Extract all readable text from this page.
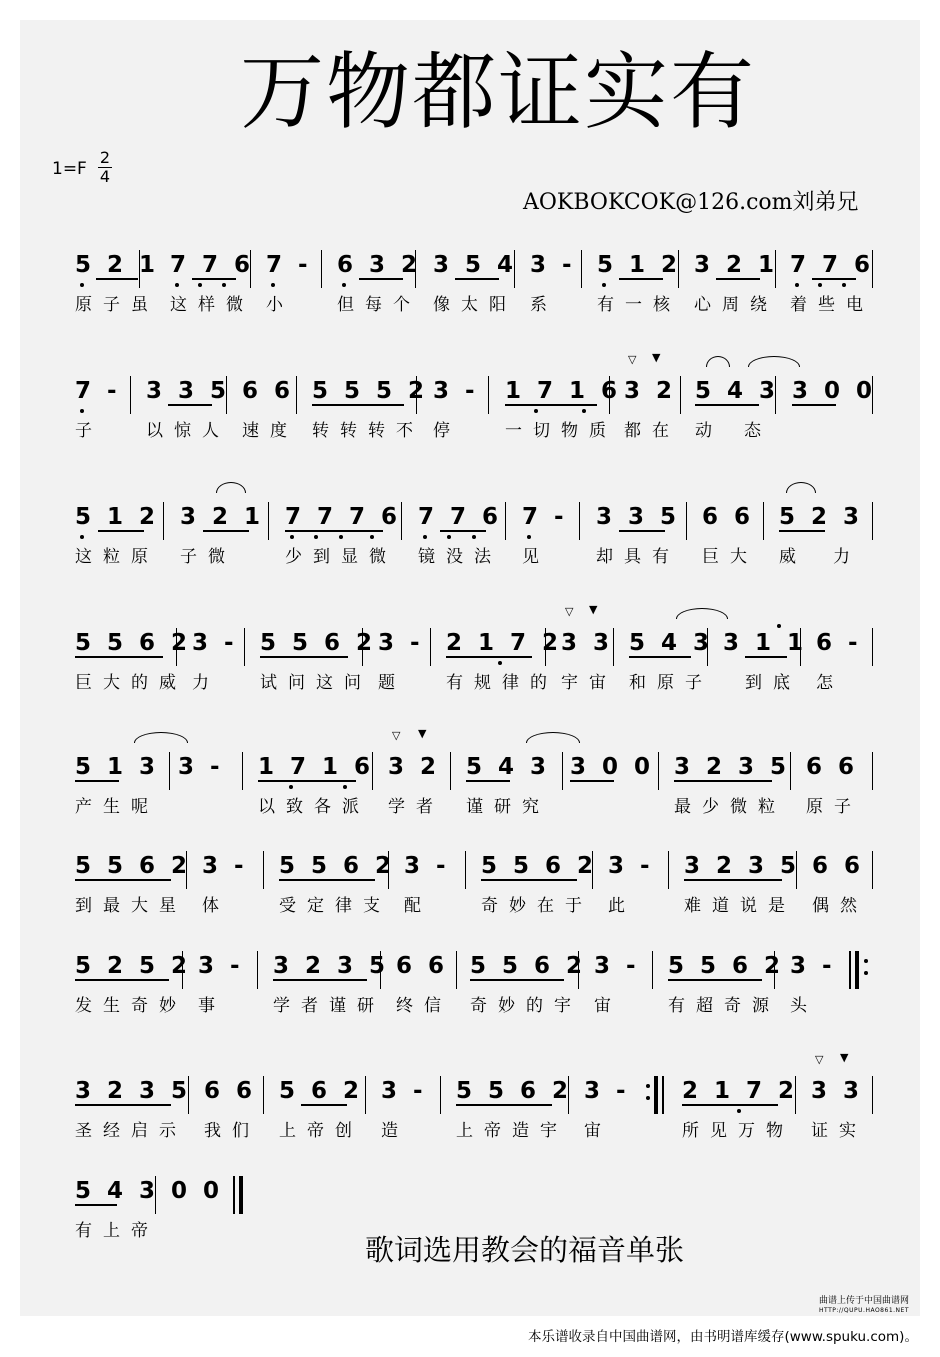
万物都证实有
1=F
2
4
AOKBOKCOK@126.com刘弟兄
5 2 1 7 7 6 7 - 6 3 2 3 5 4 3 - 5 1 2 3 2 1 7 7 6
原子虽 这样微 小	但每个 像太阳 系 有一核 心周绕 着些电
7 - 3 3 5 6 6 5 5 5 2 3 - 1 7 1 6 3 2 5 4 3 3 0 0
▽ ▼
子	以惊人 速度 转转转不 停	一切物质 都在 动 态
5 1 2 3 2 1 7 7 7 6 7 7 6 7 - 3 3 5 6 6 5 2 3
这粒原 子微	少到显微 镜没法 见	却具有 巨大 威 力
5 5 6 2 3 - 5 5 6 2 3 - 2 1 7 2
3 3 5 4 3 3 1 1 6 -
▽ ▼
巨大的威 力 试问这问 题 有规律的 宇宙 和原子 到底 怎
5 1 3 3 - 1 7 1 6 3 2 5 4 3 3 0 0 3 2 3 5 6 6
▽ ▼
产生呢	以致各派 学者 谨研究	最少微粒 原子
5 5 6 2 3 - 5 5 6 2 3 - 5 5 6 2 3 - 3 2 3 5 6 6
到最大星 体	受定律支 配	奇妙在于 此	难道说是 偶然
5 2 5 2 3 - 3 2 3 5 6 6 5 5 6 2 3 - 5 5 6 2 3 -
发生奇妙 事	学者谨研 终信 奇妙的宇 宙	有超奇源 头
3 2 3 5 6 6 5 6 2 3 - 5 5 6 2 3 - 2 1 7 2 3 3
▽ ▼
圣经启示 我们 上帝创 造	上帝造宇 宙	所见万物 证实
5 4 3 0 0
有上帝
歌词选用教会的福音单张
曲谱上传于中国曲谱网
HTTP://QUPU.HAO861.NET
本乐谱收录自中国曲谱网，由书明谱库缓存(www.spuku.com)。
